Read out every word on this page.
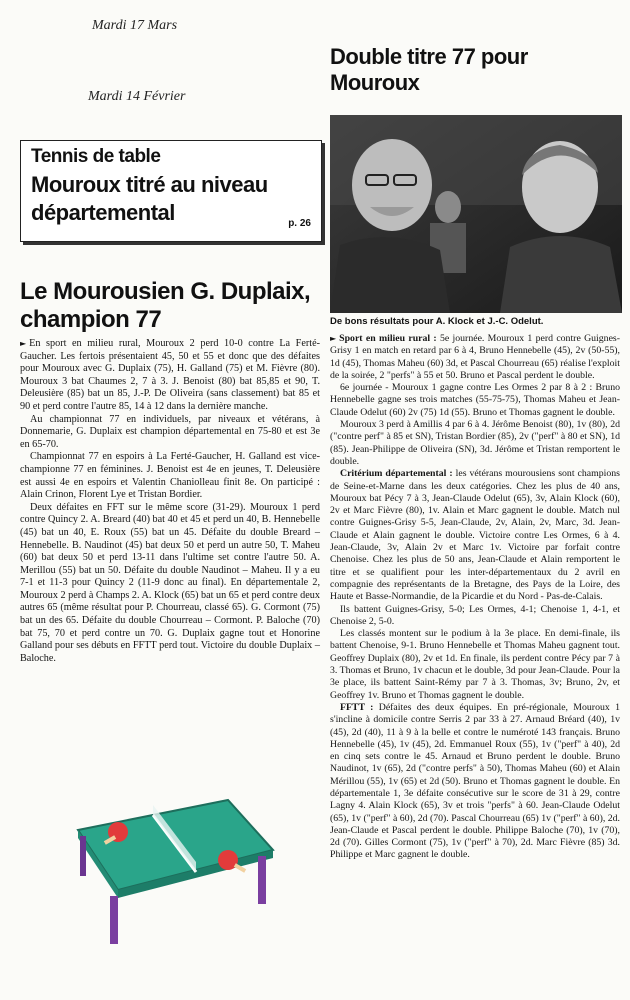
Mardi 17 Mars
Mardi 14 Février
Tennis de table
Mouroux titré au niveau départemental	p. 26
Double titre 77 pour Mouroux
De bons résultats pour A. Klock et J.-C. Odelut.
Le Mourousien G. Duplaix, champion 77

► En sport en milieu rural, Mouroux 2 perd 10-0 contre La Ferté-Gaucher. Les fertois présentaient 45, 50 et 55 et donc que des défaites pour Mouroux avec G. Duplaix (75), H. Galland (75) et M. Fièvre (80). Mouroux 3 bat Chaumes 2, 7 à 3. J. Benoist (80) bat 85,85 et 90, T. Deleusière (85) bat un 85, J.-P. De Oliveira (sans classement) bat 85 et 90 et perd contre l'autre 85, 14 à 12 dans la dernière manche.

Au championnat 77 en individuels, par niveaux et vétérans, à Donnemarie, G. Duplaix est champion départemental en 75-80 et est 3e en 65-70.

Championnat 77 en espoirs à La Ferté-Gaucher, H. Galland est vice-championne 77 en féminines. J. Benoist est 4e en jeunes, T. Deleusière est aussi 4e en espoirs et Valentin Chaniolleau finit 8e. On participé : Alain Crinon, Florent Lye et Tristan Bordier.

Deux défaites en FFT sur le même score (31-29). Mouroux 1 perd contre Quincy 2. A. Breard (40) bat 40 et 45 et perd un 40, B. Hennebelle (45) bat un 40, E. Roux (55) bat un 45. Défaite du double Breard – Hennebelle. B. Naudinot (45) bat deux 50 et perd un autre 50, T. Maheu (60) bat deux 50 et perd 13-11 dans l'ultime set contre l'autre 50. A. Merillou (55) bat un 50. Défaite du double Naudinot – Maheu. Il y a eu 7-1 et 11-3 pour Quincy 2 (11-9 donc au final). En départementale 2, Mouroux 2 perd à Champs 2. A. Klock (65) bat un 65 et perd contre deux autres 65 (même résultat pour P. Chourreau, classé 65). G. Cormont (75) bat un des 65. Défaite du double Chourreau – Cormont. P. Baloche (70) bat 75, 70 et perd contre un 70. G. Duplaix gagne tout et Honorine Galland pour ses débuts en FFTT perd tout. Victoire du double Duplaix – Baloche.

► Sport en milieu rural : 5e journée. Mouroux 1 perd contre Guignes-Grisy 1 en match en retard par 6 à 4, Bruno Hennebelle (45), 2v (50-55), 1d (45), Thomas Maheu (60) 3d, et Pascal Chourreau (65) réalise l'exploit de la soirée, 2 "perfs" à 55 et 50. Bruno et Pascal perdent le double.

6e journée - Mouroux 1 gagne contre Les Ormes 2 par 8 à 2 : Bruno Hennebelle gagne ses trois matches (55-75-75), Thomas Maheu et Jean-Claude Odelut (60) 2v (75) 1d (55). Bruno et Thomas gagnent le double.

Mouroux 3 perd à Amillis 4 par 6 à 4. Jérôme Benoist (80), 1v (80), 2d ("contre perf" à 85 et SN), Tristan Bordier (85), 2v ("perf" à 80 et SN), 1d (85). Jean-Philippe de Oliveira (SN), 3d. Jérôme et Tristan remportent le double.

Critérium départemental : les vétérans mourousiens sont champions de Seine-et-Marne dans les deux catégories. Chez les plus de 40 ans, Mouroux bat Pécy 7 à 3, Jean-Claude Odelut (65), 3v, Alain Klock (60), 2v et Marc Fièvre (80), 1v. Alain et Marc gagnent le double. Match nul contre Guignes-Grisy 5-5, Jean-Claude, 2v, Alain, 2v, Marc, 3d. Jean-Claude et Alain gagnent le double. Victoire contre Les Ormes, 6 à 4. Jean-Claude, 3v, Alain 2v et Marc 1v. Victoire par forfait contre Chenoise. Chez les plus de 50 ans, Jean-Claude et Alain remportent le titre et se qualifient pour les inter-départementaux du 2 avril en compagnie des représentants de la Bretagne, des Pays de la Loire, des Haute et Basse-Normandie, de la Picardie et du Nord - Pas-de-Calais.

Ils battent Guignes-Grisy, 5-0; Les Ormes, 4-1; Chenoise 1, 4-1, et Chenoise 2, 5-0.

Les classés montent sur le podium à la 3e place. En demi-finale, ils battent Chenoise, 9-1. Bruno Hennebelle et Thomas Maheu gagnent tout. Geoffrey Duplaix (80), 2v et 1d. En finale, ils perdent contre Pécy par 7 à 3. Thomas et Bruno, 1v chacun et le double, 3d pour Jean-Claude. Pour la 3e place, ils battent Saint-Rémy par 7 à 3. Thomas, 3v; Bruno, 2v, et Geoffrey 1v. Bruno et Thomas gagnent le double.

FFTT : Défaites des deux équipes. En pré-régionale, Mouroux 1 s'incline à domicile contre Serris 2 par 33 à 27. Arnaud Bréard (40), 1v (45), 2d (40), 11 à 9 à la belle et contre le numéroté 143 français. Bruno Hennebelle (45), 1v (45), 2d. Emmanuel Roux (55), 1v ("perf" à 40), 2d en cinq sets contre le 45. Arnaud et Bruno perdent le double. Bruno Naudinot, 1v (65), 2d ("contre perfs" à 50), Thomas Maheu (60) et Alain Mérillou (55), 1v (65) et 2d (50). Bruno et Thomas gagnent le double. En départementale 1, 3e défaite consécutive sur le score de 31 à 29, contre Lagny 4. Alain Klock (65), 3v et trois "perfs" à 60. Jean-Claude Odelut (65), 1v ("perf" à 60), 2d (70). Pascal Chourreau (65) 1v ("perf" à 60), 2d. Jean-Claude et Pascal perdent le double. Philippe Baloche (70), 1v (70), 2d (70). Gilles Cormont (75), 1v ("perf" à 70), 2d. Marc Fièvre (85) 3d. Philippe et Marc gagnent le double.
